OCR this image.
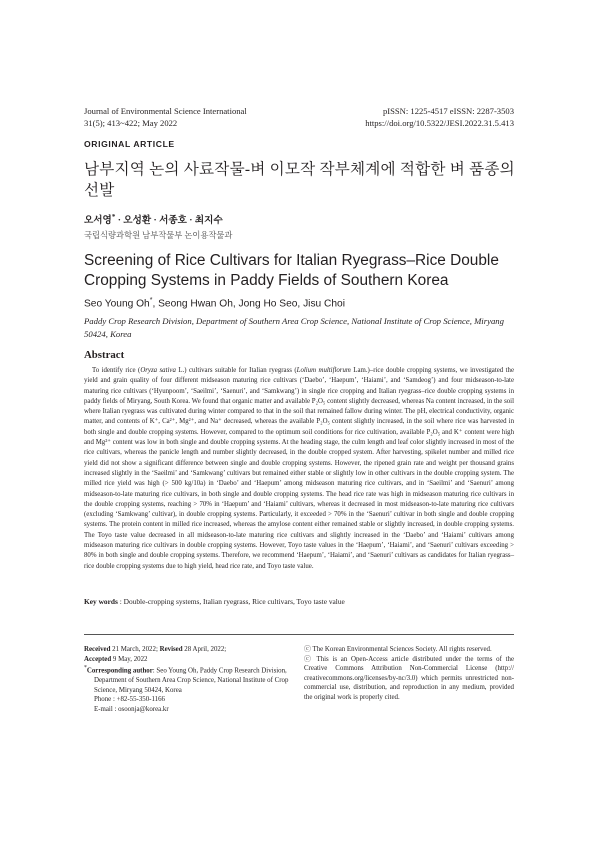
Journal of Environmental Science International
31(5); 413~422; May 2022
pISSN: 1225-4517 eISSN: 2287-3503
https://doi.org/10.5322/JESI.2022.31.5.413
ORIGINAL ARTICLE
남부지역 논의 사료작물-벼 이모작 작부체계에 적합한 벼 품종의 선발
오서영* · 오성환 · 서종호 · 최지수
국립식량과학원 남부작물부 논이용작물과
Screening of Rice Cultivars for Italian Ryegrass–Rice Double Cropping Systems in Paddy Fields of Southern Korea
Seo Young Oh*, Seong Hwan Oh, Jong Ho Seo, Jisu Choi
Paddy Crop Research Division, Department of Southern Area Crop Science, National Institute of Crop Science, Miryang 50424, Korea
Abstract
To identify rice (Oryza sativa L.) cultivars suitable for Italian ryegrass (Lolium multiflorum Lam.)–rice double cropping systems, we investigated the yield and grain quality of four different midseason maturing rice cultivars (‘Daebo’, ‘Haepum’, ‘Haiami’, and ‘Samdeog’) and four midseason-to-late maturing rice cultivars (‘Hyunpoom’, ‘Saeilmi’, ‘Saenuri’, and ‘Samkwang’) in single rice cropping and Italian ryegrass–rice double cropping systems in paddy fields of Miryang, South Korea. We found that organic matter and available P₂O₅ content slightly decreased, whereas Na content increased, in the soil where Italian ryegrass was cultivated during winter compared to that in the soil that remained fallow during winter. The pH, electrical conductivity, organic matter, and contents of K⁺, Ca²⁺, Mg²⁺, and Na⁺ decreased, whereas the available P₂O₅ content slightly increased, in the soil where rice was harvested in both single and double cropping systems. However, compared to the optimum soil conditions for rice cultivation, available P₂O₅ and K⁺ content were high and Mg²⁺ content was low in both single and double cropping systems. At the heading stage, the culm length and leaf color slightly increased in most of the rice cultivars, whereas the panicle length and number slightly decreased, in the double cropped system. After harvesting, spikelet number and milled rice yield did not show a significant difference between single and double cropping systems. However, the ripened grain rate and weight per thousand grains increased slightly in the ‘Saeilmi’ and ‘Samkwang’ cultivars but remained either stable or slightly low in other cultivars in the double cropping system. The milled rice yield was high (> 500 kg/10a) in ‘Daebo’ and ‘Haepum’ among midseason maturing rice cultivars, and in ‘Saeilmi’ and ‘Saenuri’ among midseason-to-late maturing rice cultivars, in both single and double cropping systems. The head rice rate was high in midseason maturing rice cultivars in the double cropping systems, reaching > 70% in ‘Haepum’ and ‘Haiami’ cultivars, whereas it decreased in most midseason-to-late maturing rice cultivars (excluding ‘Samkwang’ cultivar), in double cropping systems. Particularly, it exceeded > 70% in the ‘Saenuri’ cultivar in both single and double cropping systems. The protein content in milled rice increased, whereas the amylose content either remained stable or slightly increased, in double cropping systems. The Toyo taste value decreased in all midseason-to-late maturing rice cultivars and slightly increased in the ‘Daebo’ and ‘Haiami’ cultivars among midseason maturing rice cultivars in double cropping systems. However, Toyo taste values in the ‘Haepum’, ‘Haiami’, and ‘Saenuri’ cultivars exceeding > 80% in both single and double cropping systems. Therefore, we recommend ‘Haepum’, ‘Haiami’, and ‘Saenuri’ cultivars as candidates for Italian ryegrass–rice double cropping systems due to high yield, head rice rate, and Toyo taste value.
Key words : Double-cropping systems, Italian ryegrass, Rice cultivars, Toyo taste value
Received 21 March, 2022; Revised 28 April, 2022;
Accepted 9 May, 2022
*Corresponding author: Seo Young Oh, Paddy Crop Research Division,
Department of Southern Area Crop Science, National Institute of Crop
Science, Miryang 50424, Korea
Phone : +82-55-350-1166
E-mail : osoonja@korea.kr
ⓒ The Korean Environmental Sciences Society. All rights reserved.
ⓒ This is an Open-Access article distributed under the terms of the Creative Commons Attribution Non-Commercial License (http:// creativecommons.org/licenses/by-nc/3.0) which permits unrestricted non-commercial use, distribution, and reproduction in any medium, provided the original work is properly cited.
